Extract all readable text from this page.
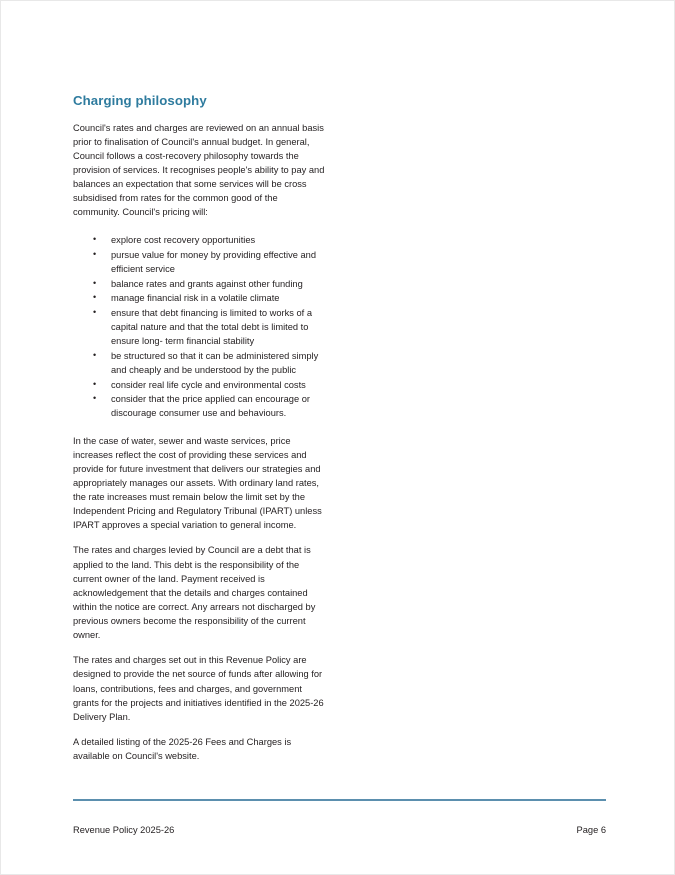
Charging philosophy

Council's rates and charges are reviewed on an annual basis prior to finalisation of Council's annual budget. In general, Council follows a cost-recovery philosophy towards the provision of services. It recognises people's ability to pay and balances an expectation that some services will be cross subsidised from rates for the common good of the community. Council's pricing will:

• explore cost recovery opportunities
• pursue value for money by providing effective and efficient service
• balance rates and grants against other funding
• manage financial risk in a volatile climate
• ensure that debt financing is limited to works of a capital nature and that the total debt is limited to ensure long- term financial stability
• be structured so that it can be administered simply and cheaply and be understood by the public
• consider real life cycle and environmental costs
• consider that the price applied can encourage or discourage consumer use and behaviours.

In the case of water, sewer and waste services, price increases reflect the cost of providing these services and provide for future investment that delivers our strategies and appropriately manages our assets. With ordinary land rates, the rate increases must remain below the limit set by the Independent Pricing and Regulatory Tribunal (IPART) unless IPART approves a special variation to general income.

The rates and charges levied by Council are a debt that is applied to the land. This debt is the responsibility of the current owner of the land. Payment received is acknowledgement that the details and charges contained within the notice are correct. Any arrears not discharged by previous owners become the responsibility of the current owner.

The rates and charges set out in this Revenue Policy are designed to provide the net source of funds after allowing for loans, contributions, fees and charges, and government grants for the projects and initiatives identified in the 2025-26 Delivery Plan.

A detailed listing of the 2025-26 Fees and Charges is available on Council's website.

Revenue Policy 2025-26	Page 6
